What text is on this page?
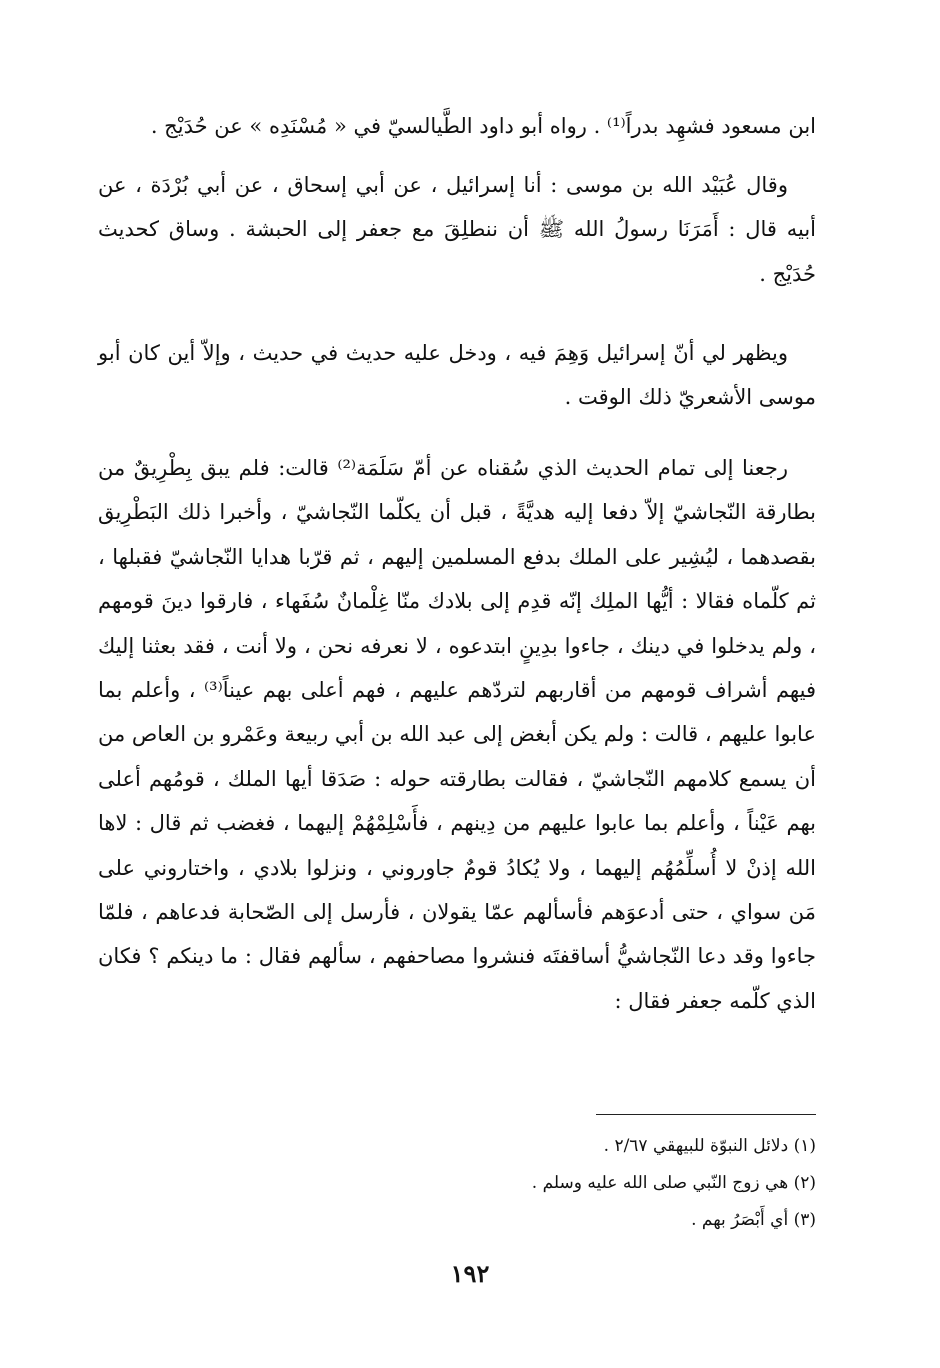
ابن مسعود فشهِد بدراً⁽¹⁾ . رواه أبو داود الطَّيالسيّ في « مُسْنَدِه » عن حُدَيْج .

وقال عُبَيْد الله بن موسى : أنا إسرائيل ، عن أبي إسحاق ، عن أبي بُرْدَة ، عن أبيه قال : أَمَرَنَا رسولُ الله ﷺ أن ننطلِقَ مع جعفر إلى الحبشة . وساق كحديث حُدَيْج .

ويظهر لي أنّ إسرائيل وَهِمَ فيه ، ودخل عليه حديث في حديث ، وإلاّ أين كان أبو موسى الأشعريّ ذلك الوقت .

رجعنا إلى تمام الحديث الذي سُقناه عن أمّ سَلَمَة⁽²⁾ قالت: فلم يبق بِطْرِيقٌ من بطارقة النّجاشيّ إلاّ دفعا إليه هديَّةً ، قبل أن يكلّما النّجاشيّ ، وأخبرا ذلك البَطْرِيق بقصدهما ، ليُشِير على الملك بدفع المسلمين إليهم ، ثم قرّبا هدايا النّجاشيّ فقبلها ، ثم كلّماه فقالا : أيُّها الملِك إنّه قدِم إلى بلادك منّا غِلْمانٌ سُفَهاء ، فارقوا دينَ قومهم ، ولم يدخلوا في دينك ، جاءوا بدِينٍ ابتدعوه ، لا نعرفه نحن ، ولا أنت ، فقد بعثنا إليك فيهم أشراف قومهم من أقاربهم لتردّهم عليهم ، فهم أعلى بهم عيناً⁽³⁾ ، وأعلم بما عابوا عليهم ، قالت : ولم يكن أبغض إلى عبد الله بن أبي ربيعة وعَمْرو بن العاص من أن يسمع كلامهم النّجاشيّ ، فقالت بطارقته حوله : صَدَقا أيها الملك ، قومُهم أعلى بهم عَيْناً ، وأعلم بما عابوا عليهم من دِينهم ، فأَسْلِمْهُمْ إليهما ، فغضب ثم قال : لاها الله إذنْ لا أُسلِّمُهُم إليهما ، ولا يُكادُ قومٌ جاوروني ، ونزلوا بلادي ، واختاروني على مَن سواي ، حتى أدعوَهم فأسألهم عمّا يقولان ، فأرسل إلى الصّحابة فدعاهم ، فلمّا جاءوا وقد دعا النّجاشيُّ أساقفتَه فنشروا مصاحفهم ، سألهم فقال : ما دينكم ؟ فكان الذي كلّمه جعفر فقال :

(١) دلائل النبوّة للبيهقي ٢/٦٧ .

(٢) هي زوج النّبي صلى الله عليه وسلم .

(٣) أي أَبْصَرُ بهم .

١٩٢
